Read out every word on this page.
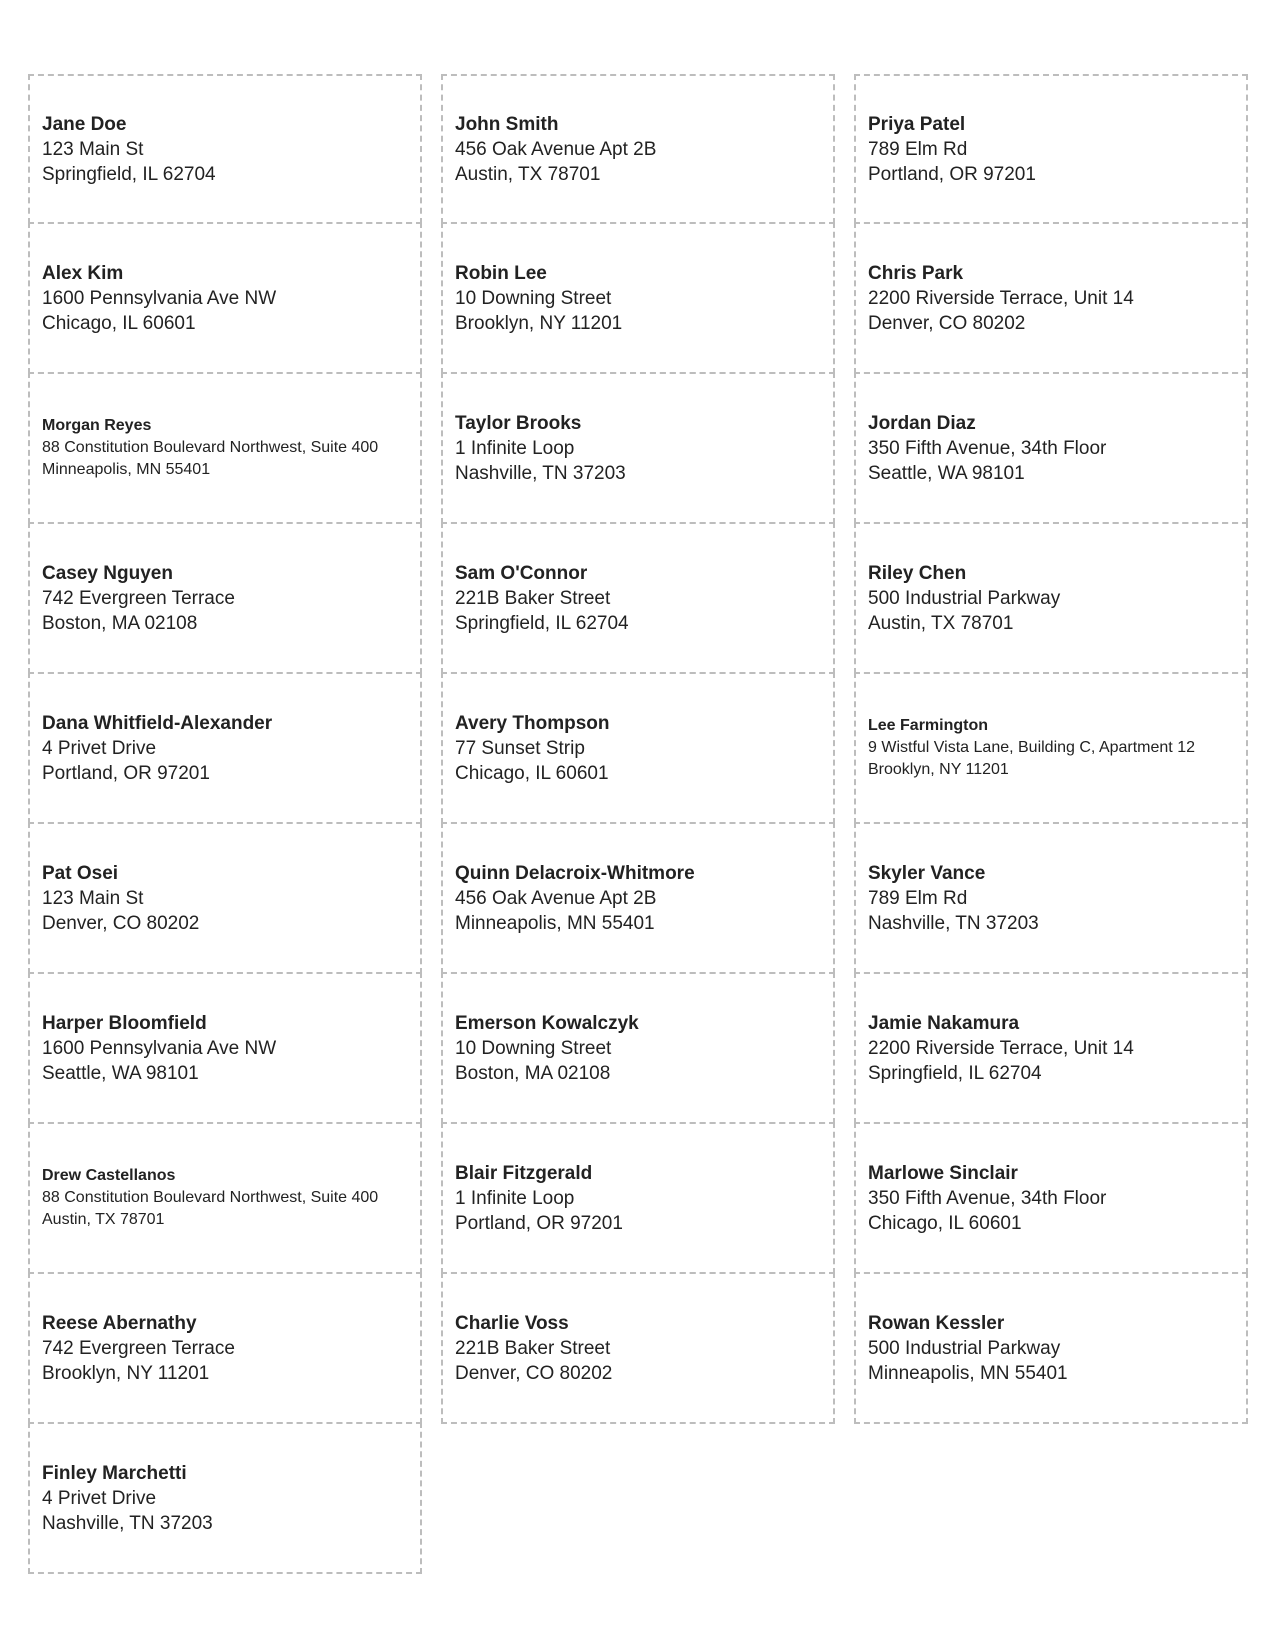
Jane Doe
123 Main St
Springfield, IL 62704
Alex Kim
1600 Pennsylvania Ave NW
Chicago, IL 60601
Morgan Reyes
88 Constitution Boulevard Northwest, Suite 400
Minneapolis, MN 55401
Casey Nguyen
742 Evergreen Terrace
Boston, MA 02108
Dana Whitfield-Alexander
4 Privet Drive
Portland, OR 97201
Pat Osei
123 Main St
Denver, CO 80202
Harper Bloomfield
1600 Pennsylvania Ave NW
Seattle, WA 98101
Drew Castellanos
88 Constitution Boulevard Northwest, Suite 400
Austin, TX 78701
Reese Abernathy
742 Evergreen Terrace
Brooklyn, NY 11201
Finley Marchetti
4 Privet Drive
Nashville, TN 37203
John Smith
456 Oak Avenue Apt 2B
Austin, TX 78701
Robin Lee
10 Downing Street
Brooklyn, NY 11201
Taylor Brooks
1 Infinite Loop
Nashville, TN 37203
Sam O'Connor
221B Baker Street
Springfield, IL 62704
Avery Thompson
77 Sunset Strip
Chicago, IL 60601
Quinn Delacroix-Whitmore
456 Oak Avenue Apt 2B
Minneapolis, MN 55401
Emerson Kowalczyk
10 Downing Street
Boston, MA 02108
Blair Fitzgerald
1 Infinite Loop
Portland, OR 97201
Charlie Voss
221B Baker Street
Denver, CO 80202
Priya Patel
789 Elm Rd
Portland, OR 97201
Chris Park
2200 Riverside Terrace, Unit 14
Denver, CO 80202
Jordan Diaz
350 Fifth Avenue, 34th Floor
Seattle, WA 98101
Riley Chen
500 Industrial Parkway
Austin, TX 78701
Lee Farmington
9 Wistful Vista Lane, Building C, Apartment 12
Brooklyn, NY 11201
Skyler Vance
789 Elm Rd
Nashville, TN 37203
Jamie Nakamura
2200 Riverside Terrace, Unit 14
Springfield, IL 62704
Marlowe Sinclair
350 Fifth Avenue, 34th Floor
Chicago, IL 60601
Rowan Kessler
500 Industrial Parkway
Minneapolis, MN 55401
